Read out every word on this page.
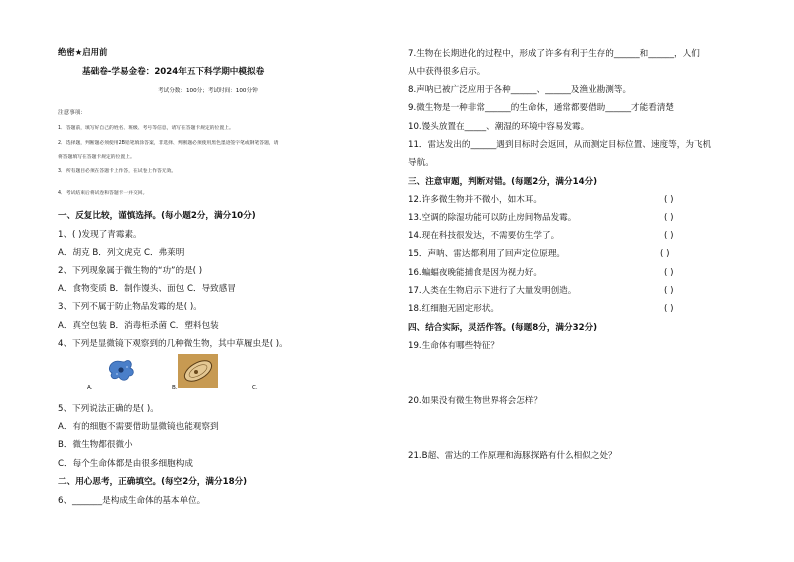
绝密★启用前
基础卷-学易金卷：2024年五下科学期中模拟卷
考试分数：100分；考试时间：100分钟
注意事项：
1．答题前，填写好自己的姓名、班级、考号等信息，请写在答题卡规定的位置上。
2．选择题，判断题必须使用2B铅笔填涂答案，非选择、判断题必须使用黑色墨迹签字笔或钢笔答题，请
将答题填写在答题卡规定的位置上。
3．所有题目必须在答题卡上作答，在试卷上作答无效。
4．考试结束后将试卷和答题卡一并交回。
一、反复比较，谨慎选择。(每小题2分，满分10分)
1、( )发现了青霉素。
A．胡克 B．列文虎克 C．弗莱明
2、下列现象属于微生物的“功”的是( )
A．食物变质 B．制作馒头、面包 C．导致感冒
3、下列不属于防止物品发霉的是( )。
A．真空包装 B．消毒柜杀菌 C．塑料包装
4、下列是显微镜下观察到的几种微生物，其中草履虫是( )。
A.	B.	C.
5、下列说法正确的是( )。
A．有的细胞不需要借助显微镜也能观察到
B．微生物都很微小
C．每个生命体都是由很多细胞构成
二、用心思考，正确填空。(每空2分，满分18分)
6、_______是构成生命体的基本单位。
7.生物在长期进化的过程中，形成了许多有利于生存的______和______，人们
从中获得很多启示。
8.声呐已被广泛应用于各种______、______及渔业勘测等。
9.微生物是一种非常______的生命体，通常都要借助______才能看清楚
10.馒头放置在_____、潮湿的环境中容易发霉。
11．雷达发出的______遇到目标时会返回，从而测定目标位置、速度等，为飞机
导航。
三、注意审题，判断对错。(每题2分，满分14分)
12.许多微生物并不微小，如木耳。	( )
13.空调的除湿功能可以防止房间物品发霉。	( )
14.现在科技很发达，不需要仿生学了。	( )
15．声呐、雷达都利用了回声定位原理。	( )
16.蝙蝠夜晚能捕食是因为视力好。	( )
17.人类在生物启示下进行了大量发明创造。	( )
18.红细胞无固定形状。	( )
四、结合实际，灵活作答。(每题8分，满分32分)
19.生命体有哪些特征？
20.如果没有微生物世界将会怎样？
21.B超、雷达的工作原理和海豚探路有什么相似之处？
